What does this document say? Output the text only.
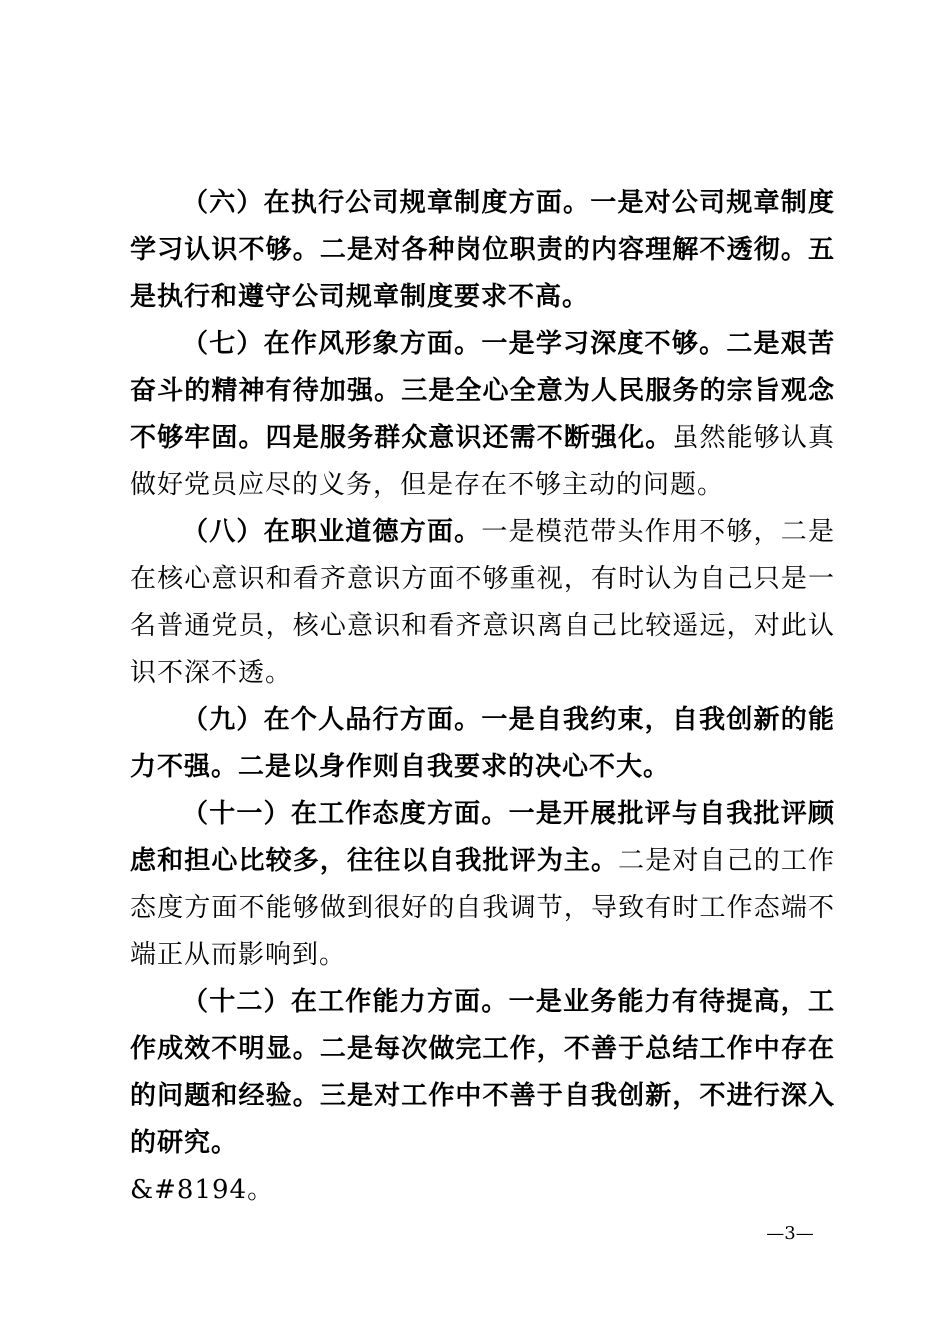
（六）在执行公司规章制度方面。一是对公司规章制度学习认识不够。二是对各种岗位职责的内容理解不透彻。五是执行和遵守公司规章制度要求不高。

（七）在作风形象方面。一是学习深度不够。二是艰苦奋斗的精神有待加强。三是全心全意为人民服务的宗旨观念不够牢固。四是服务群众意识还需不断强化。虽然能够认真做好党员应尽的义务，但是存在不够主动的问题。

（八）在职业道德方面。一是模范带头作用不够，二是在核心意识和看齐意识方面不够重视，有时认为自己只是一名普通党员，核心意识和看齐意识离自己比较遥远，对此认识不深不透。

（九）在个人品行方面。一是自我约束，自我创新的能力不强。二是以身作则自我要求的决心不大。

（十一）在工作态度方面。一是开展批评与自我批评顾虑和担心比较多，往往以自我批评为主。二是对自己的工作态度方面不能够做到很好的自我调节，导致有时工作态端不端正从而影响到。

（十二）在工作能力方面。一是业务能力有待提高，工作成效不明显。二是每次做完工作，不善于总结工作中存在的问题和经验。三是对工作中不善于自我创新，不进行深入的研究。

&#8194。

—3—
